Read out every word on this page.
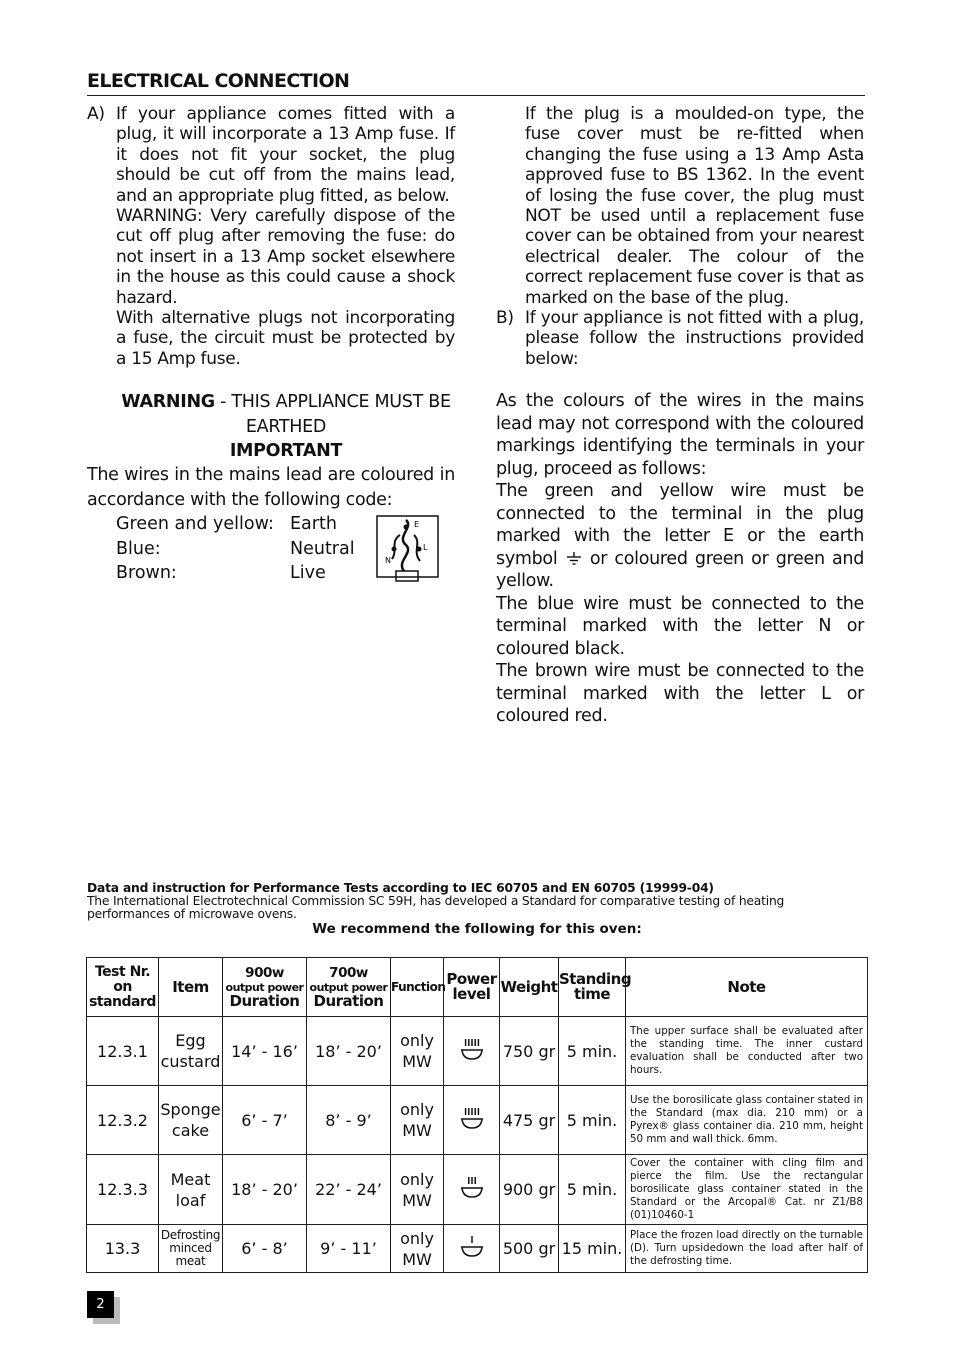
ELECTRICAL CONNECTION
A) If your appliance comes fitted with a plug, it will incorporate a 13 Amp fuse. If it does not fit your socket, the plug should be cut off from the mains lead, and an appropriate plug fitted, as below.

WARNING: Very carefully dispose of the cut off plug after removing the fuse: do not insert in a 13 Amp socket elsewhere in the house as this could cause a shock hazard.

With alternative plugs not incorporating a fuse, the circuit must be protected by a 15 Amp fuse.

If the plug is a moulded-on type, the fuse cover must be re-fitted when changing the fuse using a 13 Amp Asta approved fuse to BS 1362. In the event of losing the fuse cover, the plug must NOT be used until a replacement fuse cover can be obtained from your nearest electrical dealer. The colour of the correct replacement fuse cover is that as marked on the base of the plug.

B) If your appliance is not fitted with a plug, please follow the instructions provided below:

WARNING - THIS APPLIANCE MUST BE EARTHED
IMPORTANT
The wires in the mains lead are coloured in accordance with the following code:
Green and yellow: Earth
Blue:	Neutral
Brown:	Live
E
N
L

As the colours of the wires in the mains lead may not correspond with the coloured markings identifying the terminals in your plug, proceed as follows:

The green and yellow wire must be connected to the terminal in the plug marked with the letter E or the earth symbol or coloured green or green and yellow.

The blue wire must be connected to the terminal marked with the letter N or coloured black.

The brown wire must be connected to the terminal marked with the letter L or coloured red.

Data and instruction for Performance Tests according to IEC 60705 and EN 60705 (19999-04)
The International Electrotechnical Commission SC 59H, has developed a Standard for comparative testing of heating performances of microwave ovens.
We recommend the following for this oven:
Test Nr. on standard	Item	900w
output power
Duration	700w
output power
Duration	Function	Power level	Weight	Standing time	Note
12.3.1	Egg custard	14’ - 16’	18’ - 20’	only MW		750 gr	5 min.	The upper surface shall be evaluated after the standing time. The inner custard evaluation shall be conducted after two hours.
12.3.2	Sponge cake	6’ - 7’	8’ - 9’	only MW		475 gr	5 min.	Use the borosilicate glass container stated in the Standard (max dia. 210 mm) or a Pyrex® glass container dia. 210 mm, height 50 mm and wall thick. 6mm.
12.3.3	Meat loaf	18’ - 20’	22’ - 24’	only MW		900 gr	5 min.	Cover the container with cling film and pierce the film. Use the rectangular borosilicate glass container stated in the Standard or the Arcopal® Cat. nr Z1/B8 (01)10460-1
13.3	Defrosting minced meat	6’ - 8’	9’ - 11’	only MW		500 gr	15 min.	Place the frozen load directly on the turnable (D). Turn upsidedown the load after half of the defrosting time.
2
